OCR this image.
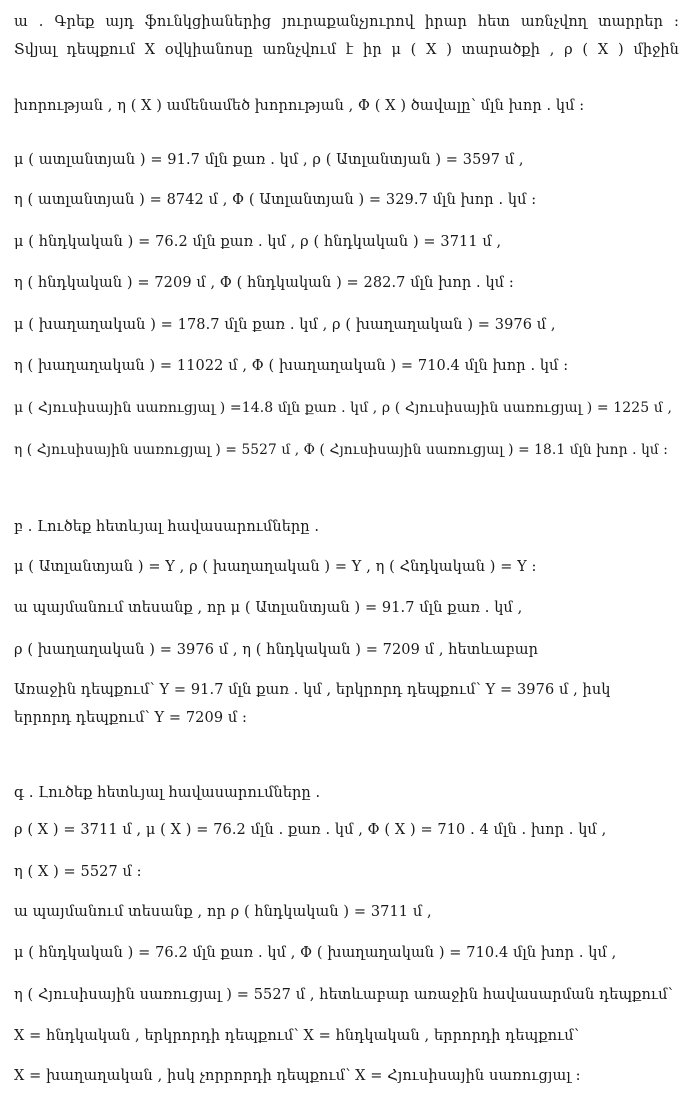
ա . Գրեք այդ ֆունկցիաներից յուրաքանչյուրով իրար հետ առնչվող տարրեր :
Տվյալ դեպքում X օվկիանոսը առնչվում է իր μ ( X ) տարածքի , ρ ( X ) միջին
խորության , η ( X ) ամենամեծ խորության , Φ ( X ) ծավալը՝ մլն խոր . կմ :
μ ( ատլանտյան ) = 91.7 մլն քառ . կմ , ρ ( Ատլանտյան ) = 3597 մ ,
η ( ատլանտյան ) = 8742 մ , Φ ( Ատլանտյան ) = 329.7 մլն խոր . կմ :
μ ( հնդկական ) = 76.2 մլն քառ . կմ , ρ ( հնդկական ) = 3711 մ ,
η ( հնդկական ) = 7209 մ , Φ ( հնդկական ) = 282.7 մլն խոր . կմ :
μ ( խաղաղական ) = 178.7 մլն քառ . կմ , ρ ( խաղաղական ) = 3976 մ ,
η ( խաղաղական ) = 11022 մ , Φ ( խաղաղական ) = 710.4 մլն խոր . կմ :
μ ( Հյուսիսային սառուցյալ ) =14.8 մլն քառ . կմ , ρ ( Հյուսիսային սառուցյալ ) = 1225 մ ,
η ( Հյուսիսային սառուցյալ ) = 5527 մ , Φ ( Հյուսիսային սառուցյալ ) = 18.1 մլն խոր . կմ :
բ . Լուծեք հետևյալ հավասարումները .
μ ( Ատլանտյան ) = Y , ρ ( խաղաղական ) = Y , η ( Հնդկական ) = Y :
ա պայմանում տեսանք , որ μ ( Ատլանտյան ) = 91.7 մլն քառ . կմ ,
ρ ( խաղաղական ) = 3976 մ , η ( հնդկական ) = 7209 մ , հետևաբար
Առաջին դեպքում՝ Y = 91.7 մլն քառ . կմ , երկրորդ դեպքում՝ Y = 3976 մ , իսկ
երրորդ դեպքում՝ Y = 7209 մ :
գ . Լուծեք հետևյալ հավասարումները .
ρ ( X ) = 3711 մ , μ ( X ) = 76.2 մլն . քառ . կմ , Φ ( X ) = 710 . 4 մլն . խոր . կմ ,
η ( X ) = 5527 մ :
ա պայմանում տեսանք , որ ρ ( հնդկական ) = 3711 մ ,
μ ( հնդկական ) = 76.2 մլն քառ . կմ , Φ ( խաղաղական ) = 710.4 մլն խոր . կմ ,
η ( Հյուսիսային սառուցյալ ) = 5527 մ , հետևաբար առաջին հավասարման դեպքում՝
X = հնդկական , երկրորդի դեպքում՝ X = հնդկական , երրորդի դեպքում՝
X = խաղաղական , իսկ չորրորդի դեպքում՝ X = Հյուսիսային սառուցյալ :
